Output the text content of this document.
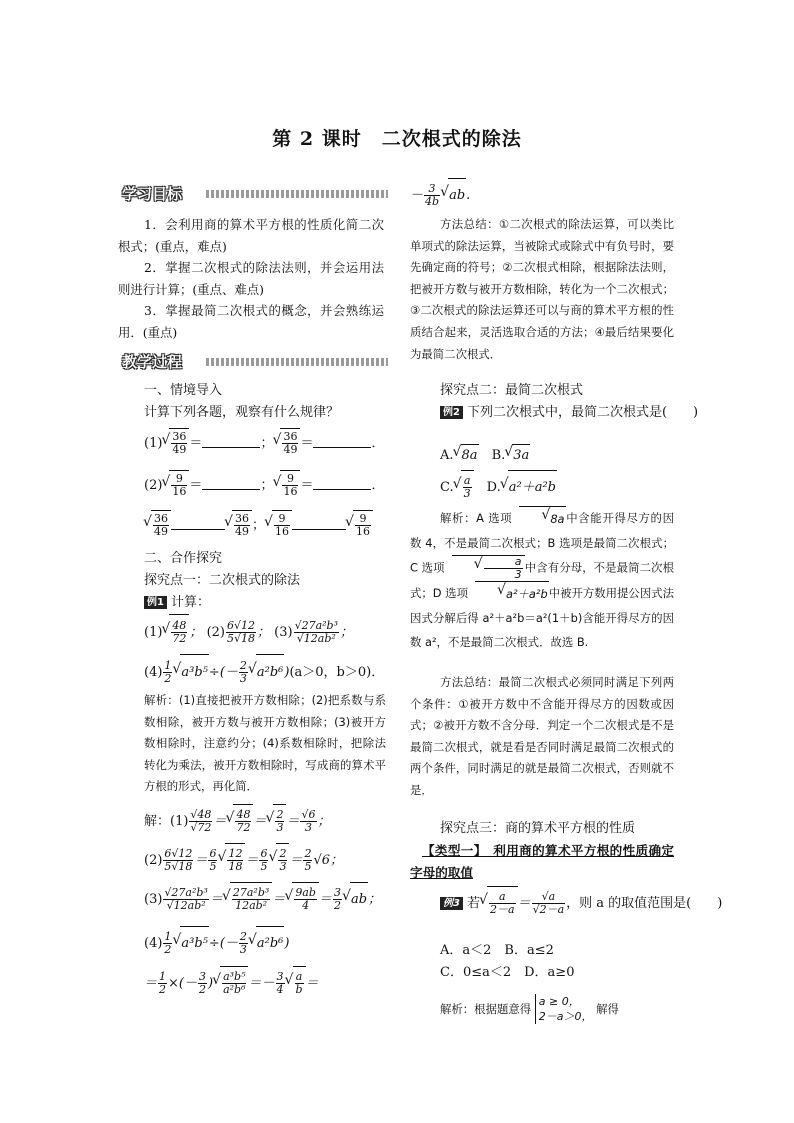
第 2 课时　二次根式的除法
学习目标
1．会利用商的算术平方根的性质化简二次根式；(重点，难点)
2．掌握二次根式的除法法则，并会运用法则进行计算；(重点、难点)
3．掌握最简二次根式的概念，并会熟练运用．(重点)
教学过程
一、情境导入
计算下列各题，观察有什么规律？
(1) √ $\frac{36}{49}$ ＝	； √ $\frac{36}{49}$ ＝	．
(2) √ $\frac{9}{16}$ ＝	； √ $\frac{9}{16}$ ＝	．
√ $\frac{36}{49}$	√ $\frac{36}{49}$ ； √ $\frac{9}{16}$	√ $\frac{9}{16}$
二、合作探究
探究点一：二次根式的除法
例1 计算：
(1) √ $\frac{48}{72}$ ； $(2) \frac{6√12}{5√18}$ ； $(3) \frac{\text{√27a²b³}}{\text{√12ab²}}$ ；
$(4) \frac{1}{2}$ √ $a^3b^5\div(- \frac{2}{3}$ √ a²b⁶)(a＞0，b＞0)．
解析：(1)直接把被开方数相除；(2)把系数与系数相除，被开方数与被开方数相除；(3)被开方数相除时，注意约分；(4)系数相除时，把除法转化为乘法，被开方数相除时，写成商的算术平方根的形式，再化简．
解：$(1) \frac{√48}{√72}$ ＝ √ $\frac{48}{72}$ ＝ √ $\frac{2}{3} = \frac{√6}{3}$ ；
$(2) \frac{6√12}{5√18} = \frac{6}{5}$ √ $\frac{12}{18} = \frac{6}{5}$ √ $\frac{2}{3} = \frac{2}{5} √6$；
$(3) \frac{\text{√27a²b³}}{\text{√12ab²}}$ ＝ √ $\frac{\text{27a²b³}}{\text{12ab²}}$ ＝ √ $\frac{9ab}{4} = \frac{3}{2}$ √ ab；
$(4) \frac{1}{2}$ √ $a^3b^5\div(- \frac{2}{3}$ √ a²b⁶)
＝ $\frac{1}{2}$ ×(－ $\frac{3}{2}$ ) √ $\frac{\text{a³b⁵}}{\text{a²b⁶}} =- \frac{3}{4}$ √ $\frac{a}{b}$ ＝
－ $\frac{3}{4b}$ √ ab.
方法总结：①二次根式的除法运算，可以类比单项式的除法运算，当被除式或除式中有负号时，要先确定商的符号；②二次根式相除，根据除法法则，把被开方数与被开方数相除，转化为一个二次根式；③二次根式的除法运算还可以与商的算术平方根的性质结合起来，灵活选取合适的方法；④最后结果要化为最简二次根式．
探究点二：最简二次根式
例2 下列二次根式中，最简二次根式是(　　)
A. √ 8a　 B. √ 3a
C. √ $\frac{a}{3}$
　 D. √ a²＋a²b
解析：A 选项	√ 8a中含能开得尽方的因数 4，不是最简二次根式；B 选项是最简二次根式；C 选项	√ $\frac{a}{3}$ 中含有分母，不是最简二次根式；D 选项	√ a²＋a²b中被开方数用提公因式法因式分解后得 a²＋a²b＝a²(1＋b)含能开得尽方的因数 a²，不是最简二次根式．故选 B.
方法总结：最简二次根式必须同时满足下列两个条件：①被开方数中不含能开得尽方的因数或因式；②被开方数不含分母．判定一个二次根式是不是最简二次根式，就是看是否同时满足最简二次根式的两个条件，同时满足的就是最简二次根式，否则就不是．
探究点三：商的算术平方根的性质
【类型一】　利用商的算术平方根的性质确定字母的取值
例3 若 √ $\frac{a}{2-a} = \frac{√a}{√2-a}$ ，则 a 的取值范围是(　　)
A．a＜2　B．a≤2
C．0≤a＜2　D．a≥0
解析：根据题意得 a ≥ 0，
2－a＞0， 解得
